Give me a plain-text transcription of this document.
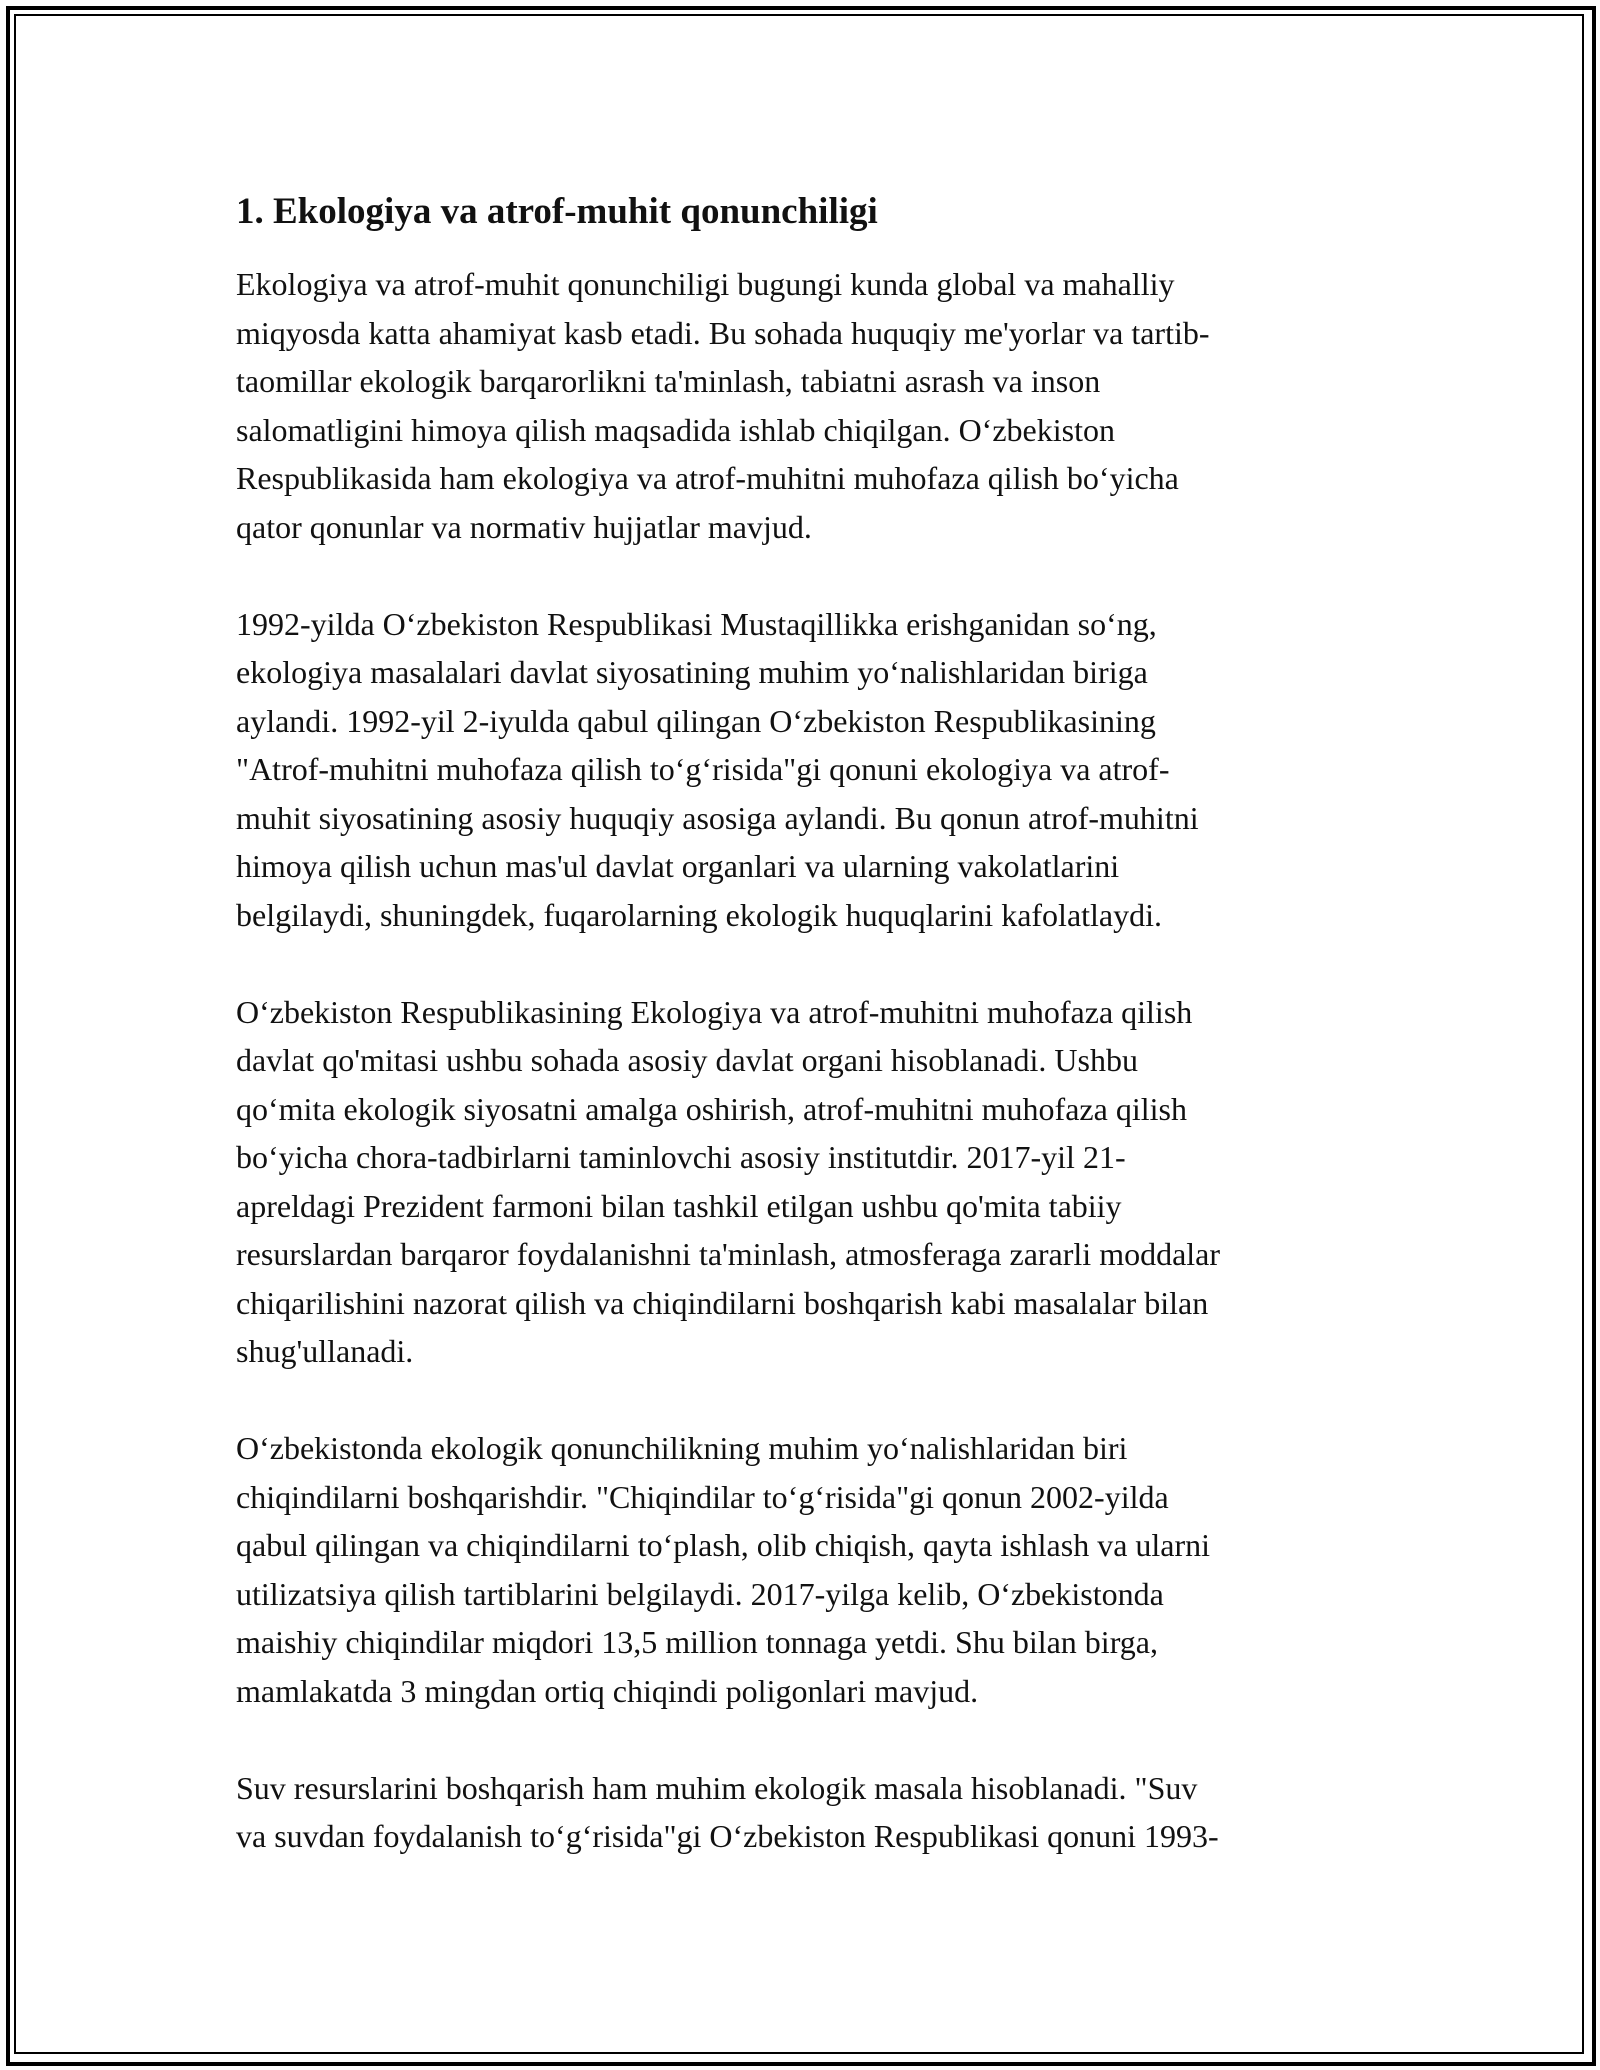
1. Ekologiya va atrof-muhit qonunchiligi

Ekologiya va atrof-muhit qonunchiligi bugungi kunda global va mahalliy
miqyosda katta ahamiyat kasb etadi. Bu sohada huquqiy me'yorlar va tartib-
taomillar ekologik barqarorlikni ta'minlash, tabiatni asrash va inson
salomatligini himoya qilish maqsadida ishlab chiqilgan. O‘zbekiston
Respublikasida ham ekologiya va atrof-muhitni muhofaza qilish bo‘yicha
qator qonunlar va normativ hujjatlar mavjud.

1992-yilda O‘zbekiston Respublikasi Mustaqillikka erishganidan so‘ng,
ekologiya masalalari davlat siyosatining muhim yo‘nalishlaridan biriga
aylandi. 1992-yil 2-iyulda qabul qilingan O‘zbekiston Respublikasining
"Atrof-muhitni muhofaza qilish to‘g‘risida"gi qonuni ekologiya va atrof-
muhit siyosatining asosiy huquqiy asosiga aylandi. Bu qonun atrof-muhitni
himoya qilish uchun mas'ul davlat organlari va ularning vakolatlarini
belgilaydi, shuningdek, fuqarolarning ekologik huquqlarini kafolatlaydi.

O‘zbekiston Respublikasining Ekologiya va atrof-muhitni muhofaza qilish
davlat qo'mitasi ushbu sohada asosiy davlat organi hisoblanadi. Ushbu
qo‘mita ekologik siyosatni amalga oshirish, atrof-muhitni muhofaza qilish
bo‘yicha chora-tadbirlarni taminlovchi asosiy institutdir. 2017-yil 21-
apreldagi Prezident farmoni bilan tashkil etilgan ushbu qo'mita tabiiy
resurslardan barqaror foydalanishni ta'minlash, atmosferaga zararli moddalar
chiqarilishini nazorat qilish va chiqindilarni boshqarish kabi masalalar bilan
shug'ullanadi.

O‘zbekistonda ekologik qonunchilikning muhim yo‘nalishlaridan biri
chiqindilarni boshqarishdir. "Chiqindilar to‘g‘risida"gi qonun 2002-yilda
qabul qilingan va chiqindilarni to‘plash, olib chiqish, qayta ishlash va ularni
utilizatsiya qilish tartiblarini belgilaydi. 2017-yilga kelib, O‘zbekistonda
maishiy chiqindilar miqdori 13,5 million tonnaga yetdi. Shu bilan birga,
mamlakatda 3 mingdan ortiq chiqindi poligonlari mavjud.

Suv resurslarini boshqarish ham muhim ekologik masala hisoblanadi. "Suv
va suvdan foydalanish to‘g‘risida"gi O‘zbekiston Respublikasi qonuni 1993-
